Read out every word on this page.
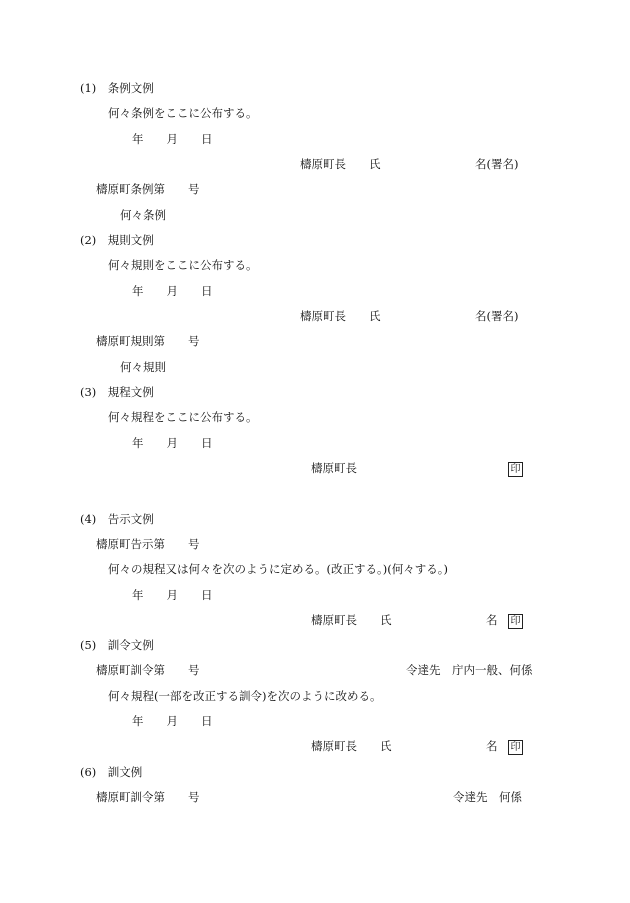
(1)　条例文例
何々条例をここに公布する。
年　　月　　日
檮原町長　　氏	名(署名)
檮原町条例第　　号
何々条例
(2)　規則文例
何々規則をここに公布する。
年　　月　　日
檮原町長　　氏	名(署名)
檮原町規則第　　号
何々規則
(3)　規程文例
何々規程をここに公布する。
年　　月　　日
檮原町長	印
(4)　告示文例
檮原町告示第　　号
何々の規程又は何々を次のように定める。(改正する。)(何々する。)
年　　月　　日
檮原町長　　氏	名 印
(5)　訓令文例
檮原町訓令第　　号	令達先　庁内一般、何係
何々規程(一部を改正する訓令)を次のように改める。
年　　月　　日
檮原町長　　氏	名 印
(6)　訓文例
檮原町訓令第　　号	令達先　何係
